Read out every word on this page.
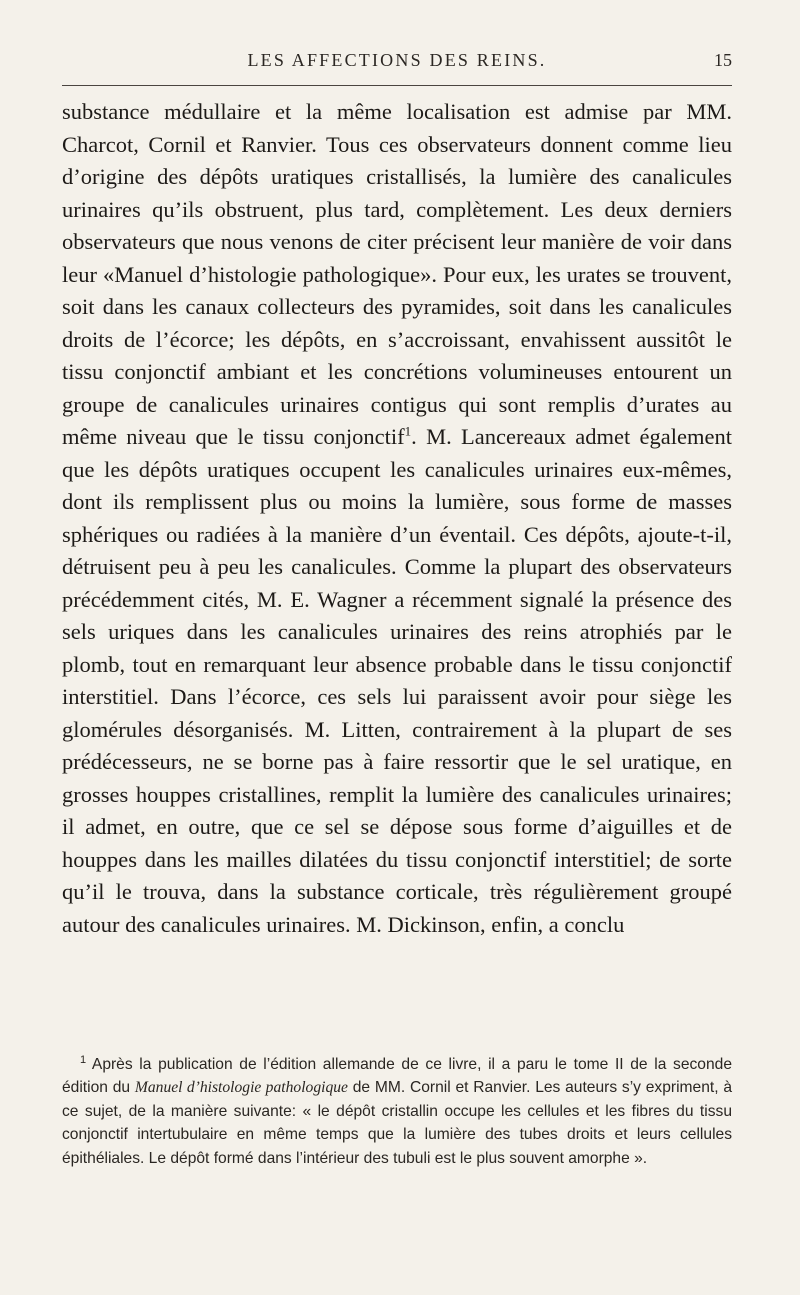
LES AFFECTIONS DES REINS.	15

substance médullaire et la même localisation est admise par MM. Charcot, Cornil et Ranvier. Tous ces observateurs donnent comme lieu d’origine des dépôts uratiques cristallisés, la lumière des canalicules urinaires qu’ils obstruent, plus tard, complètement. Les deux derniers observateurs que nous venons de citer précisent leur manière de voir dans leur «Manuel d’histologie pathologique». Pour eux, les urates se trouvent, soit dans les canaux collecteurs des pyramides, soit dans les canalicules droits de l’écorce; les dépôts, en s’accroissant, envahissent aussitôt le tissu conjonctif ambiant et les concrétions volumineuses entourent un groupe de canalicules urinaires contigus qui sont remplis d’urates au même niveau que le tissu conjonctif$^1$. M. Lancereaux admet également que les dépôts uratiques occupent les canalicules urinaires eux-mêmes, dont ils remplissent plus ou moins la lumière, sous forme de masses sphériques ou radiées à la manière d’un éventail. Ces dépôts, ajoute-t-il, détruisent peu à peu les canalicules. Comme la plupart des observateurs précédemment cités, M. E. Wagner a récemment signalé la présence des sels uriques dans les canalicules urinaires des reins atrophiés par le plomb, tout en remarquant leur absence probable dans le tissu conjonctif interstitiel. Dans l’écorce, ces sels lui paraissent avoir pour siège les glomérules désorganisés. M. Litten, contrairement à la plupart de ses prédécesseurs, ne se borne pas à faire ressortir que le sel uratique, en grosses houppes cristallines, remplit la lumière des canalicules urinaires; il admet, en outre, que ce sel se dépose sous forme d’aiguilles et de houppes dans les mailles dilatées du tissu conjonctif interstitiel; de sorte qu’il le trouva, dans la substance corticale, très régulièrement groupé autour des canalicules urinaires. M. Dickinson, enfin, a conclu

$^1$ Après la publication de l’édition allemande de ce livre, il a paru le tome II de la seconde édition du Manuel d’histologie pathologique de MM. Cornil et Ranvier. Les auteurs s’y expriment, à ce sujet, de la manière suivante: « le dépôt cristallin occupe les cellules et les fibres du tissu conjonctif intertubulaire en même temps que la lumière des tubes droits et leurs cellules épithéliales. Le dépôt formé dans l’intérieur des tubuli est le plus souvent amorphe ».
